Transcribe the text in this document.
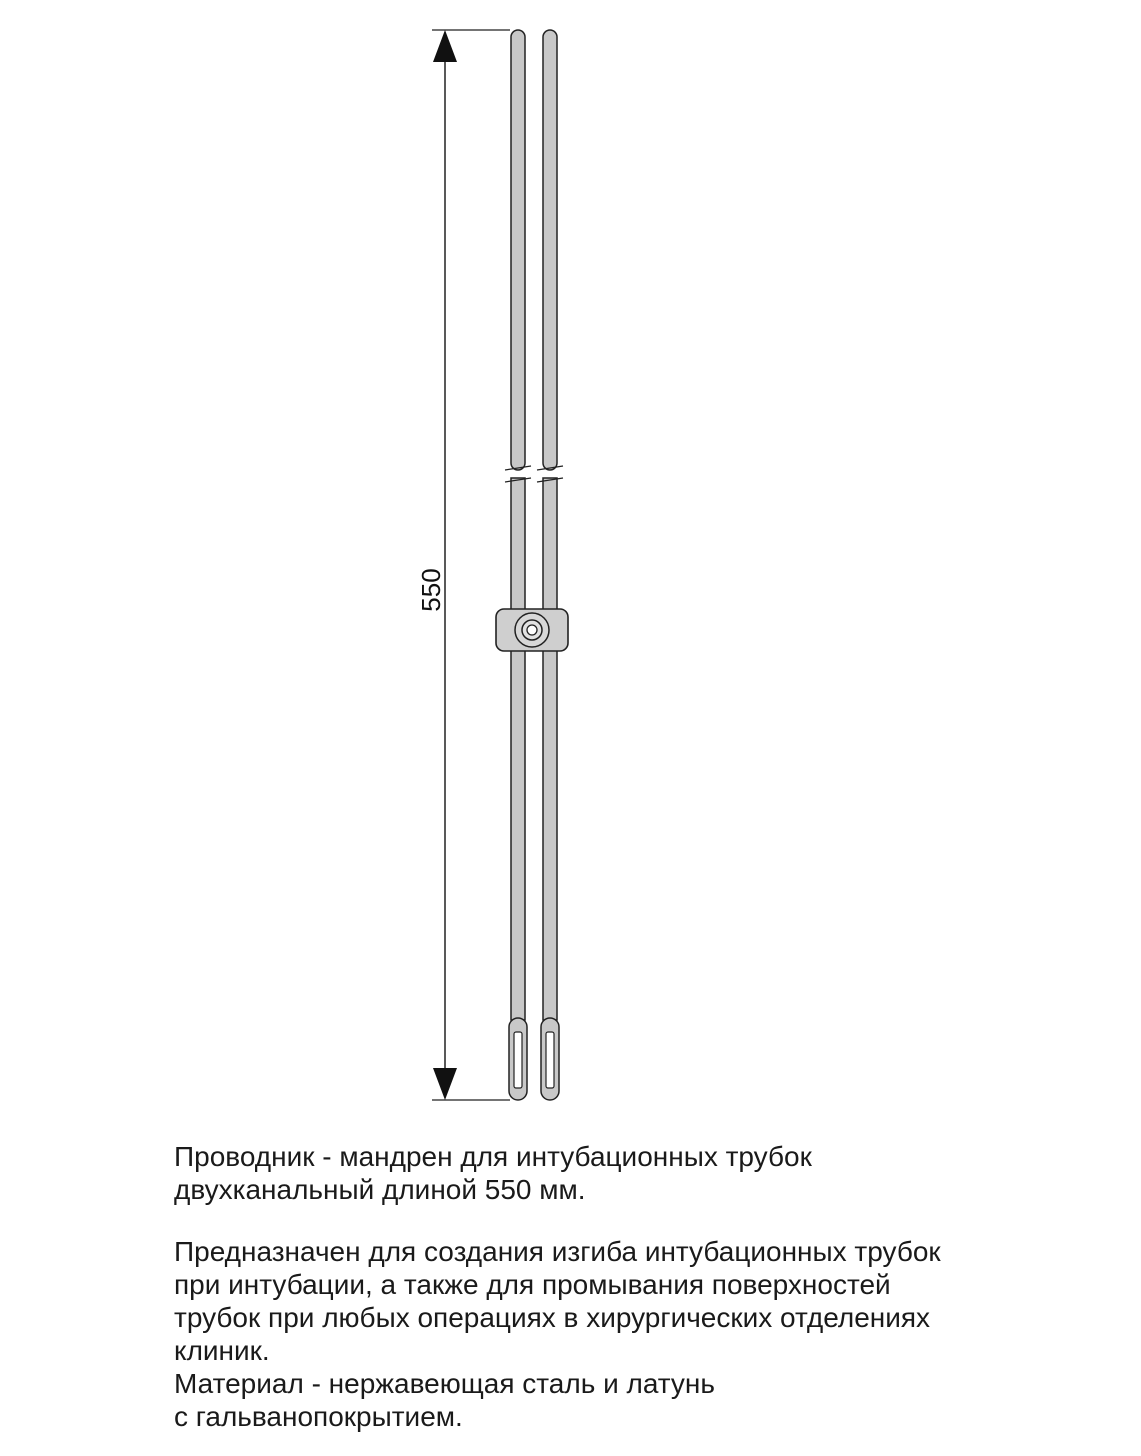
550
Проводник - мандрен для интубационных трубок
двухканальный длиной 550 мм.
Предназначен для создания изгиба интубационных трубок
при интубации, а также для промывания поверхностей
трубок при любых операциях в хирургических отделениях
клиник.
Материал - нержавеющая сталь и латунь
с гальванопокрытием.
